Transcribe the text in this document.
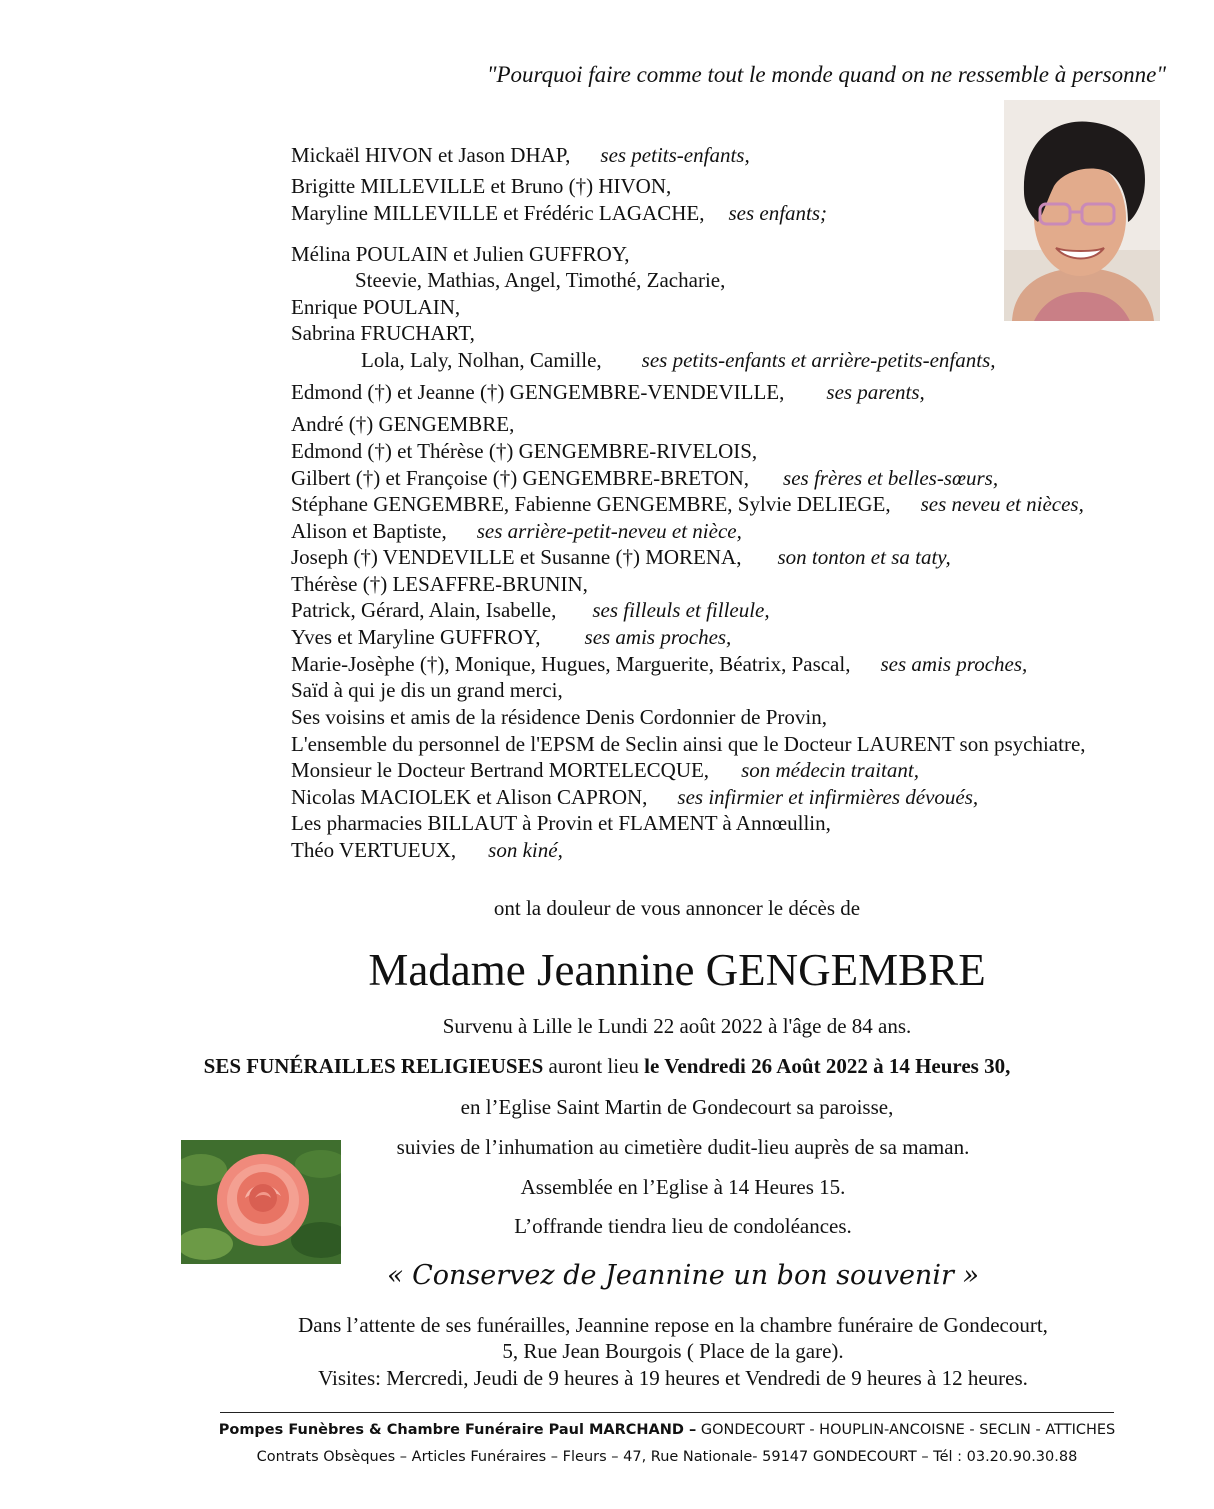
"Pourquoi faire comme tout le monde quand on ne ressemble à personne"
Mickaël HIVON et Jason DHAP, ses petits-enfants,
Brigitte MILLEVILLE et Bruno (†) HIVON,
Maryline MILLEVILLE et Frédéric LAGACHE, ses enfants;
Mélina POULAIN et Julien GUFFROY,
Steevie, Mathias, Angel, Timothé, Zacharie,
Enrique POULAIN,
Sabrina FRUCHART,
Lola, Laly, Nolhan, Camille, ses petits-enfants et arrière-petits-enfants,
Edmond (†) et Jeanne (†) GENGEMBRE-VENDEVILLE, ses parents,
André (†) GENGEMBRE,
Edmond (†) et Thérèse (†) GENGEMBRE-RIVELOIS,
Gilbert (†) et Françoise (†) GENGEMBRE-BRETON, ses frères et belles-sœurs,
Stéphane GENGEMBRE, Fabienne GENGEMBRE, Sylvie DELIEGE, ses neveu et nièces,
Alison et Baptiste, ses arrière-petit-neveu et nièce,
Joseph (†) VENDEVILLE et Susanne (†) MORENA, son tonton et sa taty,
Thérèse (†) LESAFFRE-BRUNIN,
Patrick, Gérard, Alain, Isabelle, ses filleuls et filleule,
Yves et Maryline GUFFROY, ses amis proches,
Marie-Josèphe (†), Monique, Hugues, Marguerite, Béatrix, Pascal, ses amis proches,
Saïd à qui je dis un grand merci,
Ses voisins et amis de la résidence Denis Cordonnier de Provin,
L'ensemble du personnel de l'EPSM de Seclin ainsi que le Docteur LAURENT son psychiatre,
Monsieur le Docteur Bertrand MORTELECQUE, son médecin traitant,
Nicolas MACIOLEK et Alison CAPRON, ses infirmier et infirmières dévoués,
Les pharmacies BILLAUT à Provin et FLAMENT à Annœullin,
Théo VERTUEUX, son kiné,
ont la douleur de vous annoncer le décès de
Madame Jeannine GENGEMBRE
Survenu à Lille le Lundi 22 août 2022 à l'âge de 84 ans.
SES FUNÉRAILLES RELIGIEUSES auront lieu le Vendredi 26 Août 2022 à 14 Heures 30,
en l’Eglise Saint Martin de Gondecourt sa paroisse,
suivies de l’inhumation au cimetière dudit-lieu auprès de sa maman.
Assemblée en l’Eglise à 14 Heures 15.
L’offrande tiendra lieu de condoléances.
« Conservez de Jeannine un bon souvenir »
Dans l’attente de ses funérailles, Jeannine repose en la chambre funéraire de Gondecourt,
5, Rue Jean Bourgois ( Place de la gare).
Visites: Mercredi, Jeudi de 9 heures à 19 heures et Vendredi de 9 heures à 12 heures.
Pompes Funèbres & Chambre Funéraire Paul MARCHAND – GONDECOURT - HOUPLIN-ANCOISNE - SECLIN - ATTICHES
Contrats Obsèques – Articles Funéraires – Fleurs – 47, Rue Nationale- 59147 GONDECOURT – Tél : 03.20.90.30.88
